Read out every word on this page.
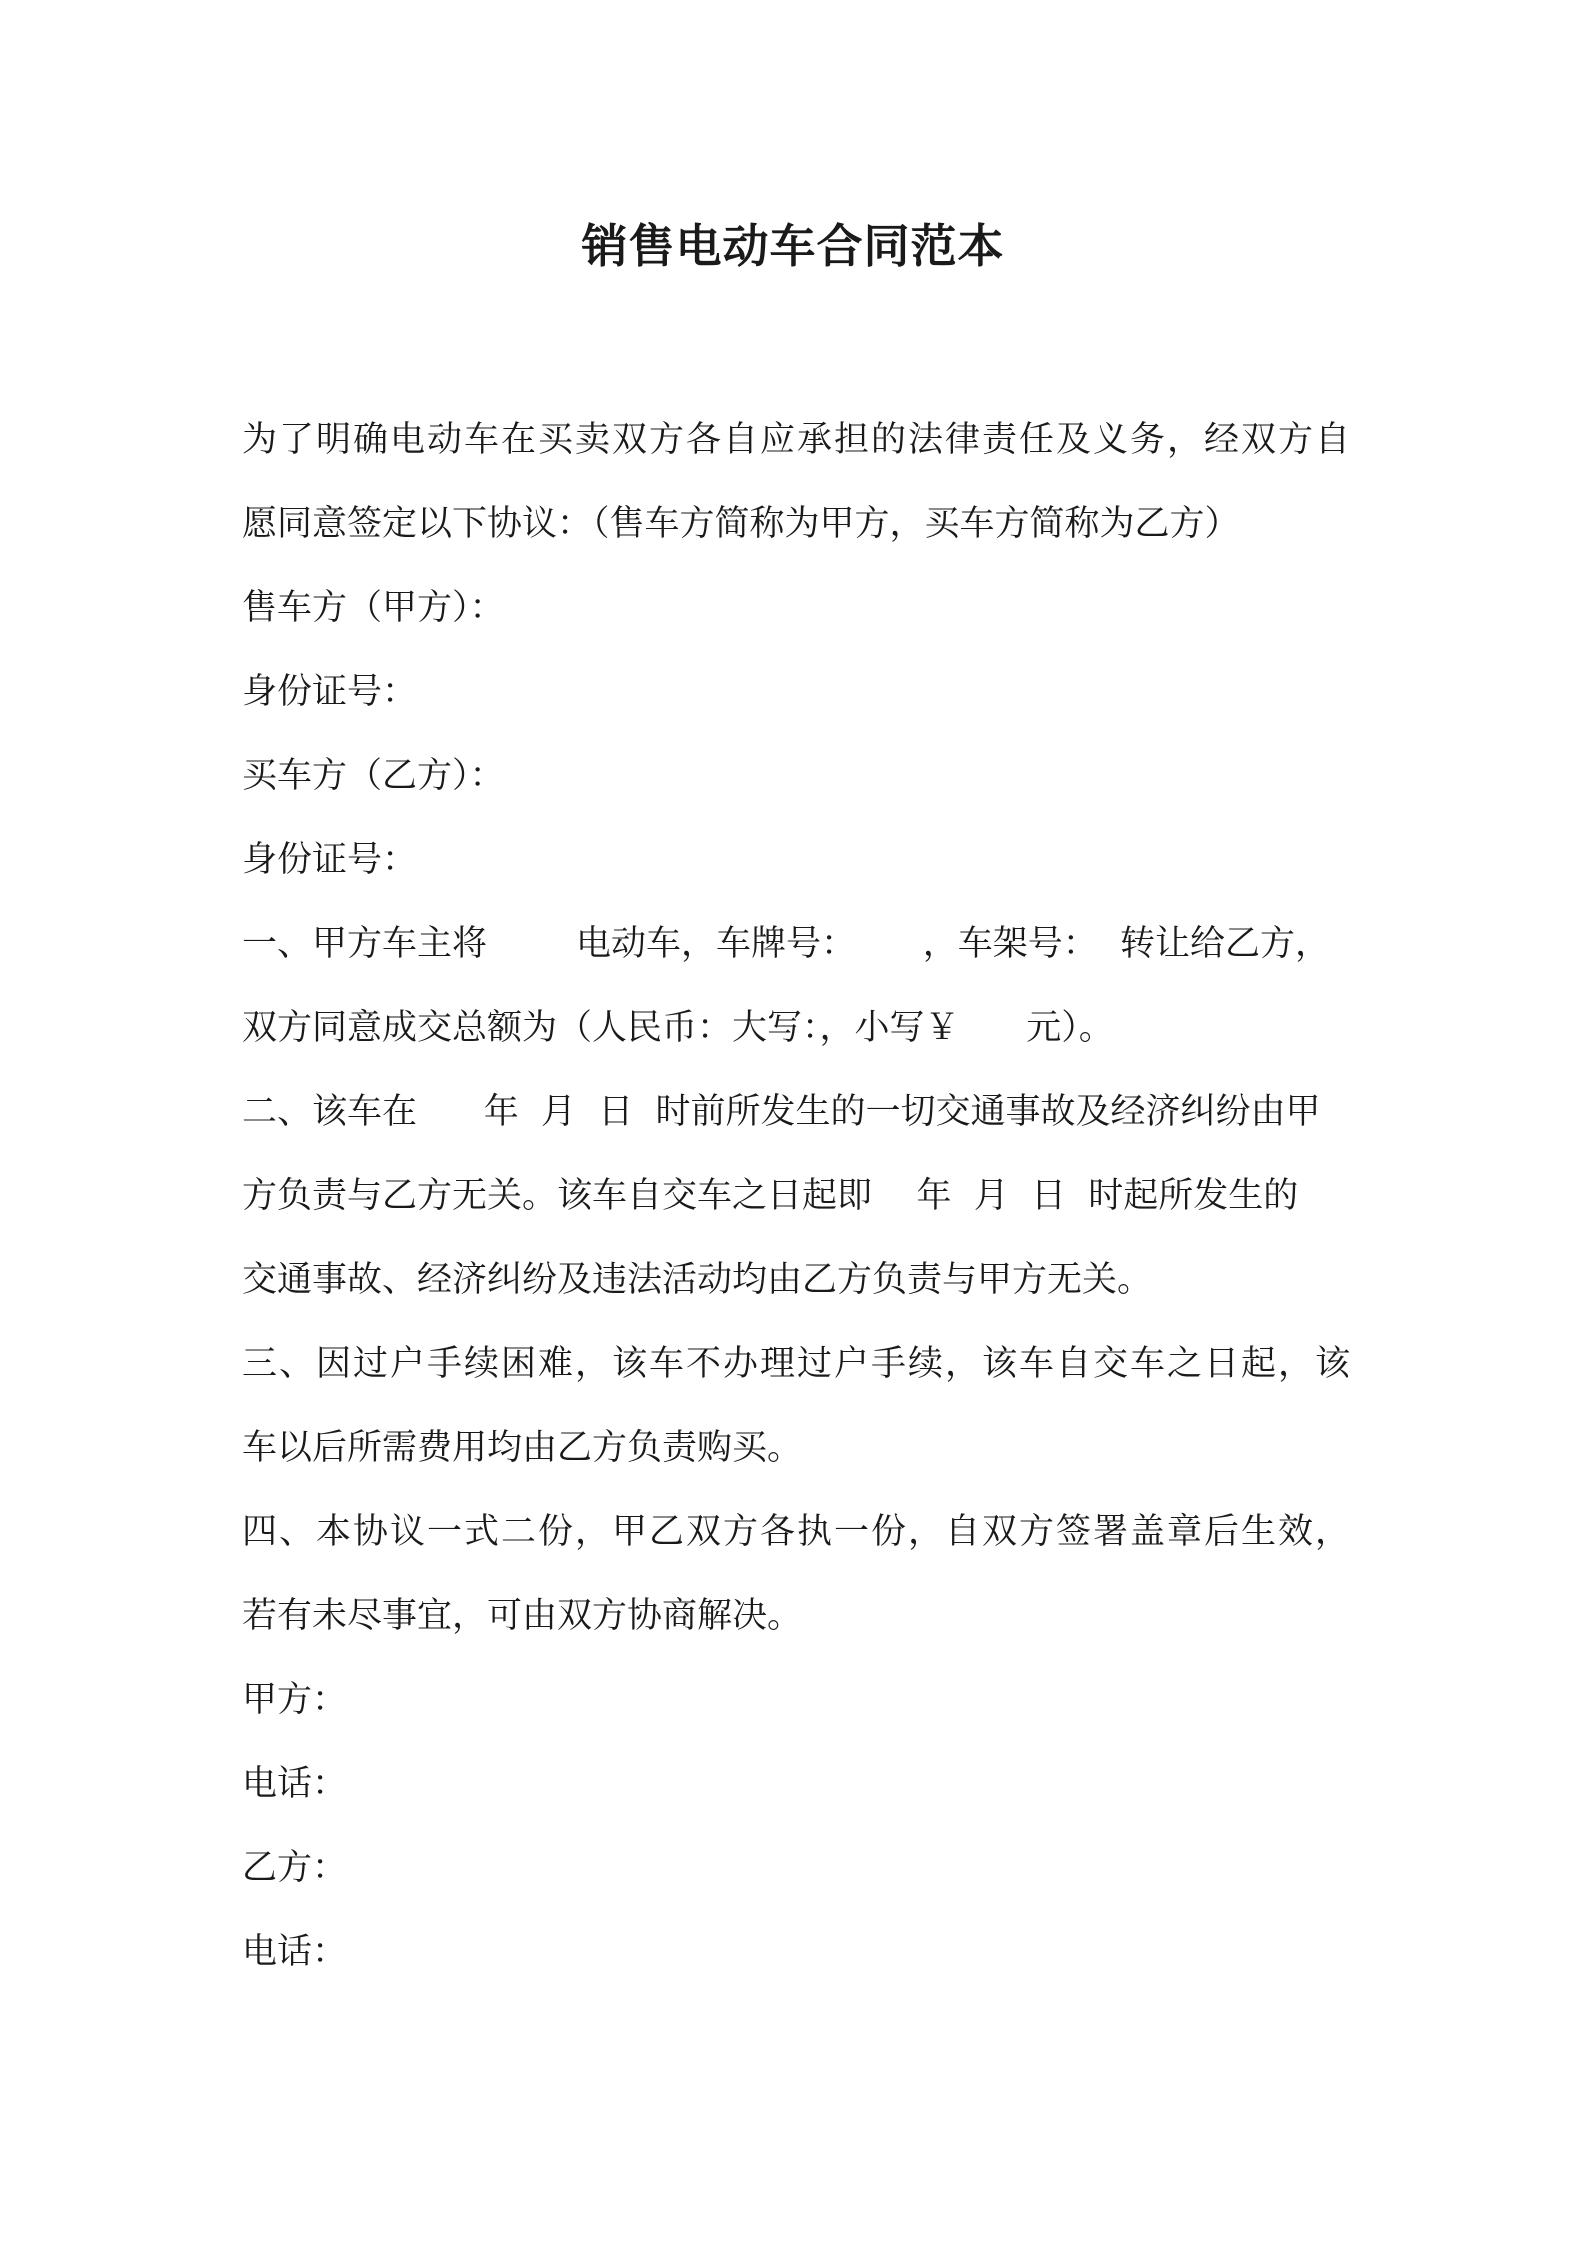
销售电动车合同范本
为了明确电动车在买卖双方各自应承担的法律责任及义务，经双方自
愿同意签定以下协议：（售车方简称为甲方，买车方简称为乙方）
售车方（甲方）：
身份证号：
买车方（乙方）：
身份证号：
一、甲方车主将        电动车，车牌号：      ，车架号：  转让给乙方，
双方同意成交总额为（人民币：大写：，小写￥      元）。
二、该车在      年  月  日  时前所发生的一切交通事故及经济纠纷由甲
方负责与乙方无关。该车自交车之日起即    年  月  日  时起所发生的
交通事故、经济纠纷及违法活动均由乙方负责与甲方无关。
三、因过户手续困难，该车不办理过户手续，该车自交车之日起，该
车以后所需费用均由乙方负责购买。
四、本协议一式二份，甲乙双方各执一份，自双方签署盖章后生效，
若有未尽事宜，可由双方协商解决。
甲方：
电话：
乙方：
电话：
